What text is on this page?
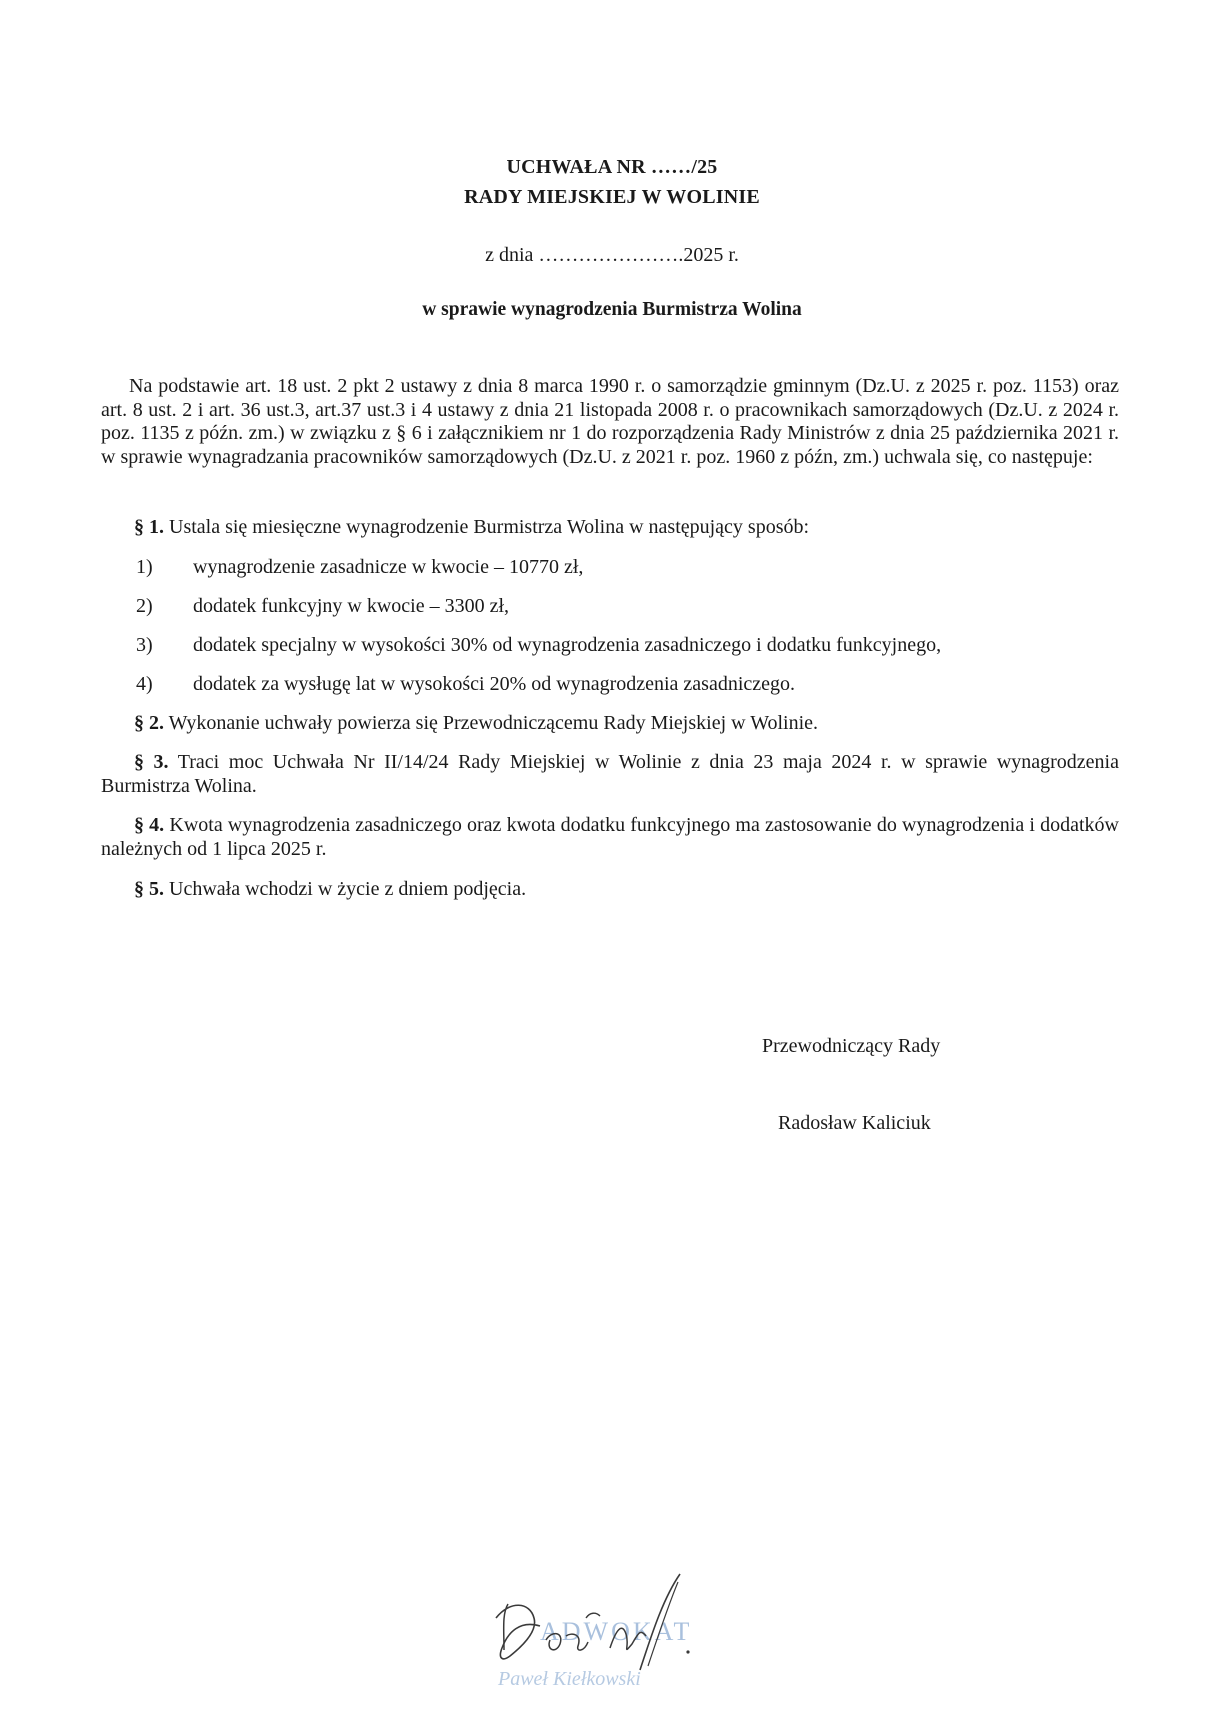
UCHWAŁA NR ……/25
RADY MIEJSKIEJ W WOLINIE
z dnia ………………….2025 r.
w sprawie wynagrodzenia Burmistrza Wolina
Na podstawie art. 18 ust. 2 pkt 2 ustawy z dnia 8 marca 1990 r. o samorządzie gminnym (Dz.U. z 2025 r. poz. 1153) oraz art. 8 ust. 2 i art. 36 ust.3, art.37 ust.3 i 4 ustawy z dnia 21 listopada 2008 r. o pracownikach samorządowych (Dz.U. z 2024 r. poz. 1135 z późn. zm.) w związku z § 6 i załącznikiem nr 1 do rozporządzenia Rady Ministrów z dnia 25 października 2021 r. w sprawie wynagradzania pracowników samorządowych (Dz.U. z 2021 r. poz. 1960 z późn, zm.) uchwala się, co następuje:
§ 1. Ustala się miesięczne wynagrodzenie Burmistrza Wolina w następujący sposób:
1) wynagrodzenie zasadnicze w kwocie – 10770 zł,
2) dodatek funkcyjny w kwocie – 3300 zł,
3) dodatek specjalny w wysokości 30% od wynagrodzenia zasadniczego i dodatku funkcyjnego,
4) dodatek za wysługę lat w wysokości 20% od wynagrodzenia zasadniczego.
§ 2. Wykonanie uchwały powierza się Przewodniczącemu Rady Miejskiej w Wolinie.
§ 3. Traci moc Uchwała Nr II/14/24 Rady Miejskiej w Wolinie z dnia 23 maja 2024 r. w sprawie wynagrodzenia Burmistrza Wolina.
§ 4. Kwota wynagrodzenia zasadniczego oraz kwota dodatku funkcyjnego ma zastosowanie do wynagrodzenia i dodatków należnych od 1 lipca 2025 r.
§ 5. Uchwała wchodzi w życie z dniem podjęcia.
Przewodniczący Rady
Radosław Kaliciuk
ADWOKAT
Paweł Kiełkowski
